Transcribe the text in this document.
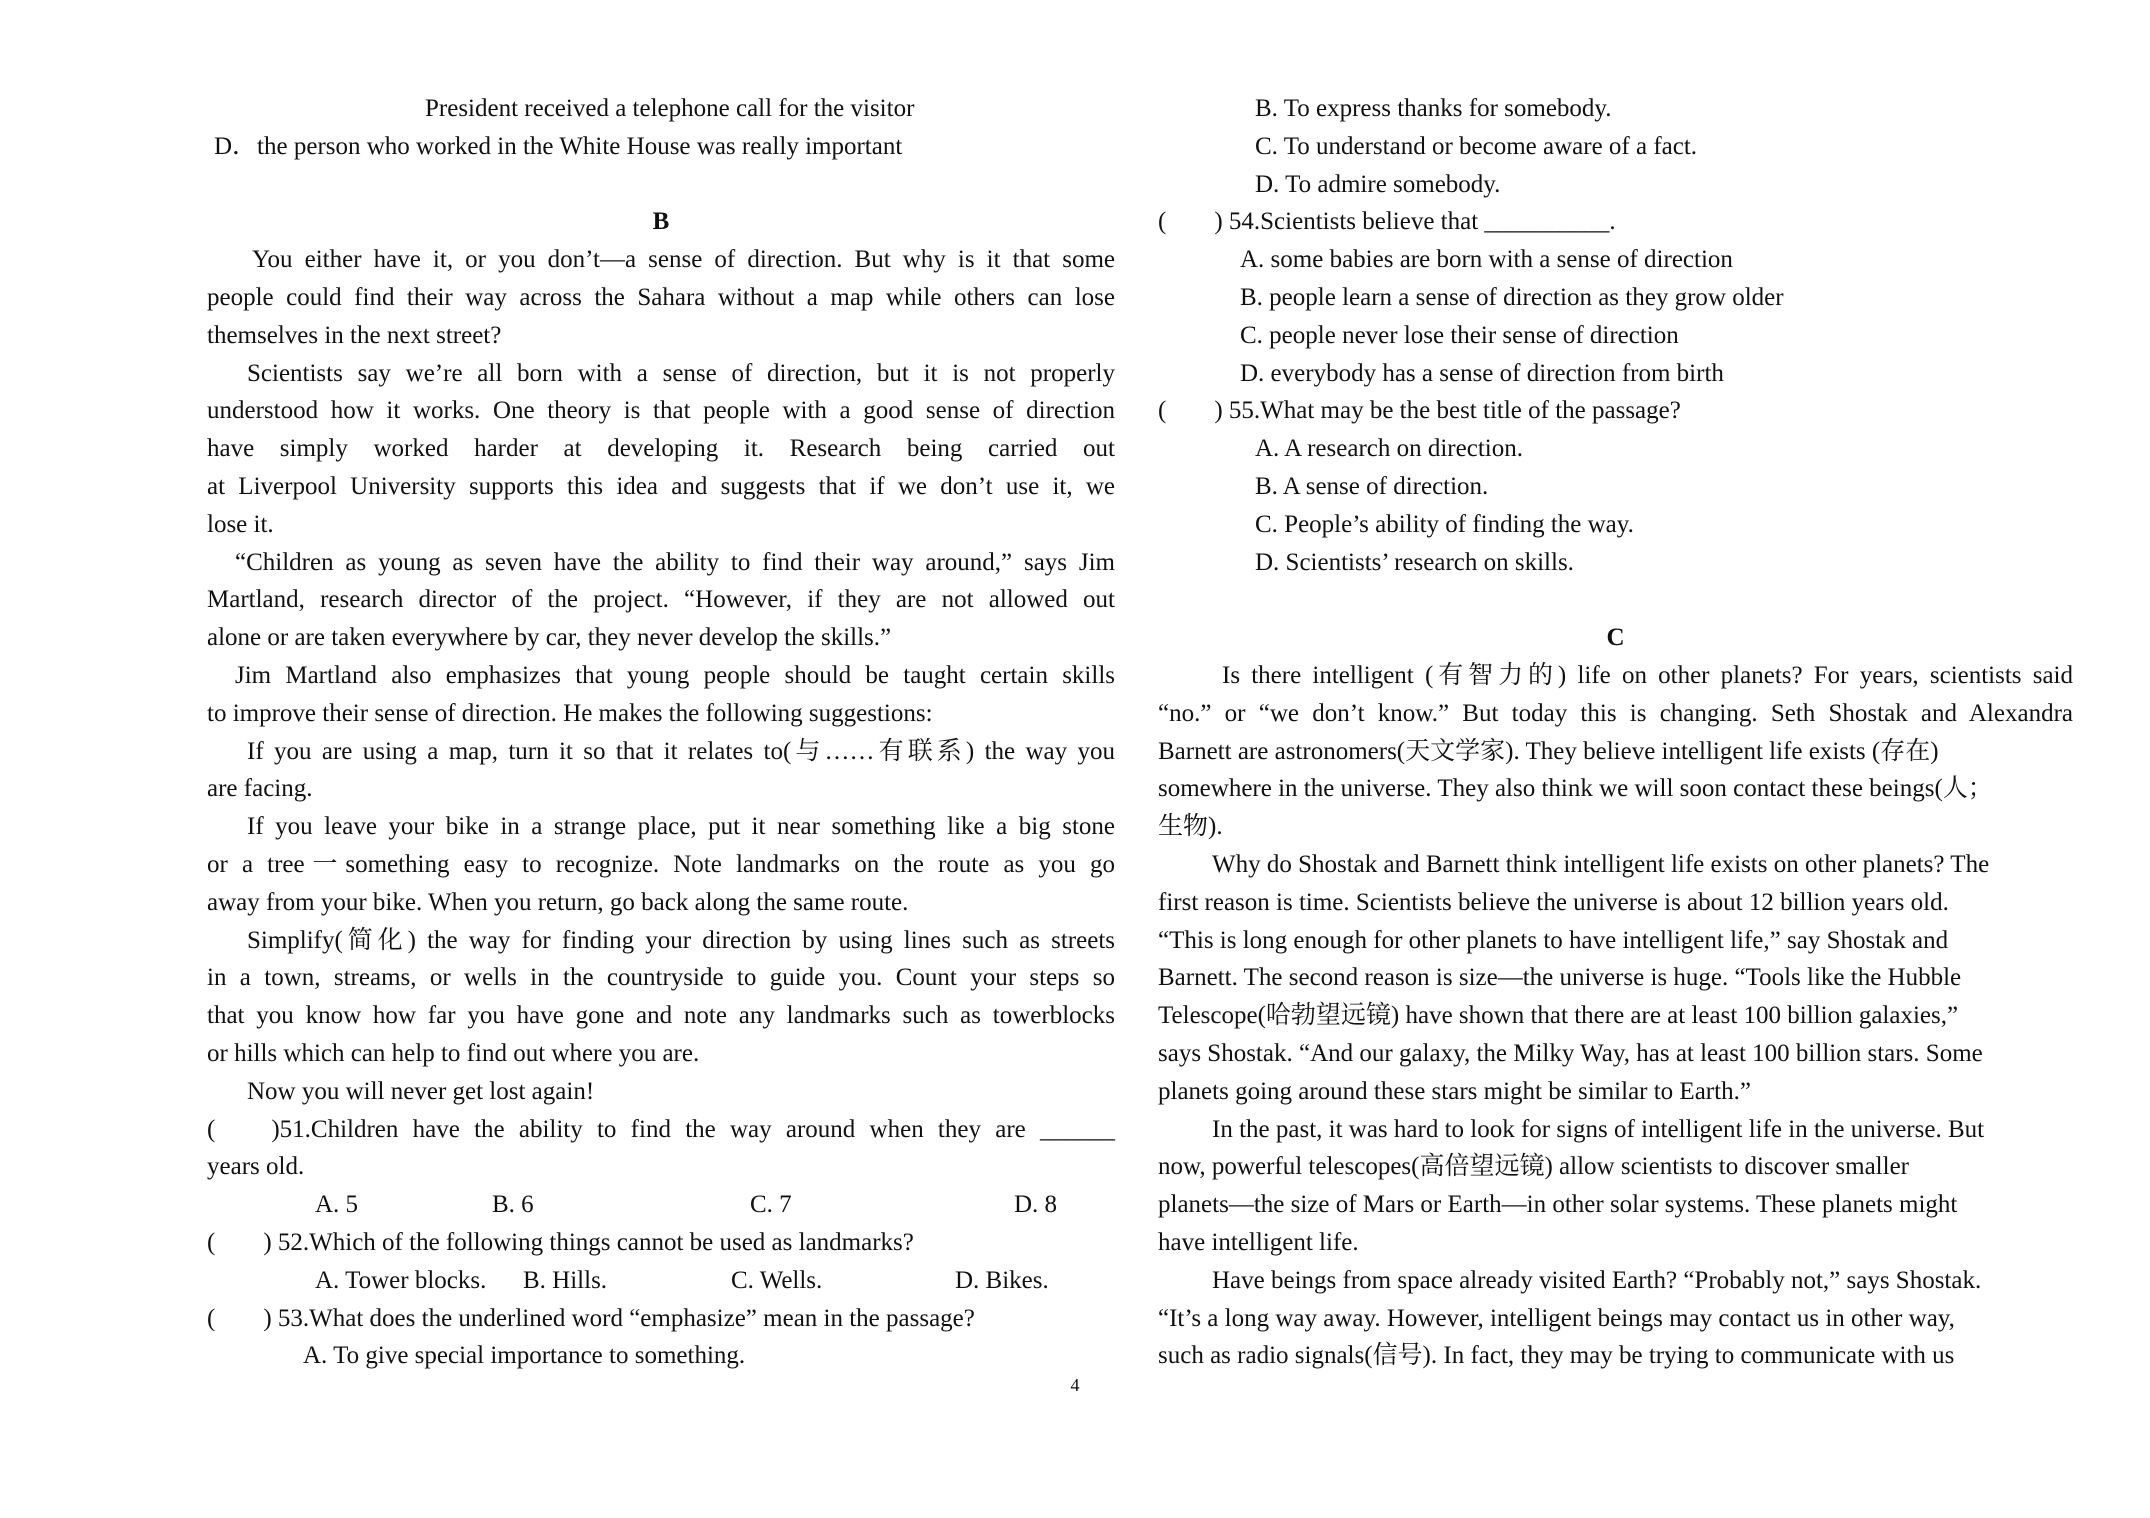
President received a telephone call for the visitor
D．the person who worked in the White House was really important
B
You either have it, or you don’t—a sense of direction. But why is it that some
people could find their way across the Sahara without a map while others can lose
themselves in the next street?
Scientists say we’re all born with a sense of direction, but it is not properly
understood how it works. One theory is that people with a good sense of direction
have simply worked harder at developing it. Research being carried out
at Liverpool University supports this idea and suggests that if we don’t use it, we
lose it.
“Children as young as seven have the ability to find their way around,” says Jim
Martland, research director of the project. “However, if they are not allowed out
alone or are taken everywhere by car, they never develop the skills.”
Jim Martland also emphasizes that young people should be taught certain skills
to improve their sense of direction. He makes the following suggestions:
If you are using a map, turn it so that it relates to(与……有联系) the way you
are facing.
If you leave your bike in a strange place, put it near something like a big stone
or a tree一something easy to recognize. Note landmarks on the route as you go
away from your bike. When you return, go back along the same route.
Simplify(简化) the way for finding your direction by using lines such as streets
in a town, streams, or wells in the countryside to guide you. Count your steps so
that you know how far you have gone and note any landmarks such as towerblocks
or hills which can help to find out where you are.
Now you will never get lost again!
( ) 51.Children have the ability to find the way around when they are ______
years old.
A. 5	B. 6	C. 7	D. 8
( ) 52.Which of the following things cannot be used as landmarks?
A. Tower blocks.	B. Hills.	C. Wells.	D. Bikes.
( ) 53.What does the underlined word “emphasize” mean in the passage?
A. To give special importance to something.
B. To express thanks for somebody.
C. To understand or become aware of a fact.
D. To admire somebody.
( ) 54.Scientists believe that __________.
A. some babies are born with a sense of direction
B. people learn a sense of direction as they grow older
C. people never lose their sense of direction
D. everybody has a sense of direction from birth
( ) 55.What may be the best title of the passage?
A. A research on direction.
B. A sense of direction.
C. People’s ability of finding the way.
D. Scientists’ research on skills.
C
Is there intelligent (有智力的) life on other planets? For years, scientists said
“no.” or “we don’t know.” But today this is changing. Seth Shostak and Alexandra
Barnett are astronomers(天文学家). They believe intelligent life exists (存在)
somewhere in the universe. They also think we will soon contact these beings(人；
生物).
Why do Shostak and Barnett think intelligent life exists on other planets? The
first reason is time. Scientists believe the universe is about 12 billion years old.
“This is long enough for other planets to have intelligent life,” say Shostak and
Barnett. The second reason is size—the universe is huge. “Tools like the Hubble
Telescope(哈勃望远镜) have shown that there are at least 100 billion galaxies,”
says Shostak. “And our galaxy, the Milky Way, has at least 100 billion stars. Some
planets going around these stars might be similar to Earth.”
In the past, it was hard to look for signs of intelligent life in the universe. But
now, powerful telescopes(高倍望远镜) allow scientists to discover smaller
planets—the size of Mars or Earth—in other solar systems. These planets might
have intelligent life.
Have beings from space already visited Earth? “Probably not,” says Shostak.
“It’s a long way away. However, intelligent beings may contact us in other way,
such as radio signals(信号). In fact, they may be trying to communicate with us
4
